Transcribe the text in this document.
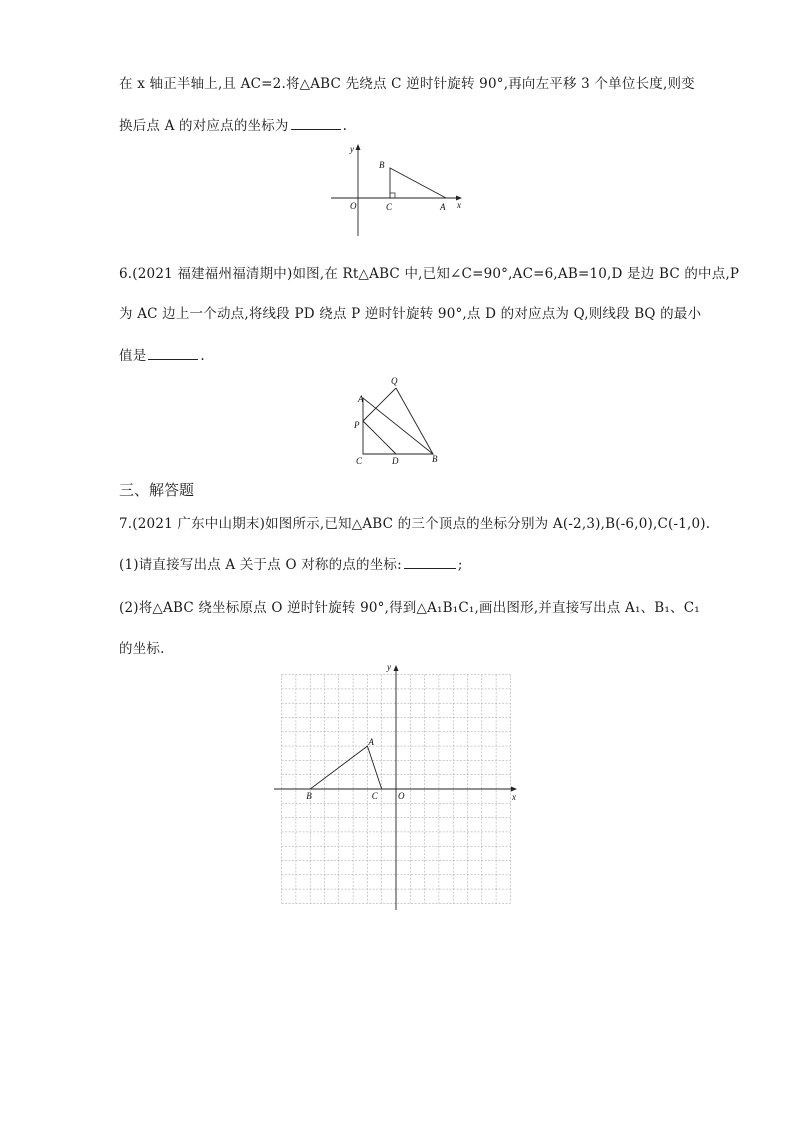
在 x 轴正半轴上,且 AC=2.将△ABC 先绕点 C 逆时针旋转 90°,再向左平移 3 个单位长度,则变
换后点 A 的对应点的坐标为	.
y
x
O
B
C	A
6.(2021 福建福州福清期中)如图,在 Rt△ABC 中,已知∠C=90°,AC=6,AB=10,D 是边 BC 的中点,P
为 AC 边上一个动点,将线段 PD 绕点 P 逆时针旋转 90°,点 D 的对应点为 Q,则线段 BQ 的最小
值是	.
Q
A
P
C	D	B
三、解答题
7.(2021 广东中山期末)如图所示,已知△ABC 的三个顶点的坐标分别为 A(-2,3),B(-6,0),C(-1,0).
(1)请直接写出点 A 关于点 O 对称的点的坐标:	;
(2)将△ABC 绕坐标原点 O 逆时针旋转 90°,得到△A₁B₁C₁,画出图形,并直接写出点 A₁、B₁、C₁
的坐标.
y
x
O
A
B	C
